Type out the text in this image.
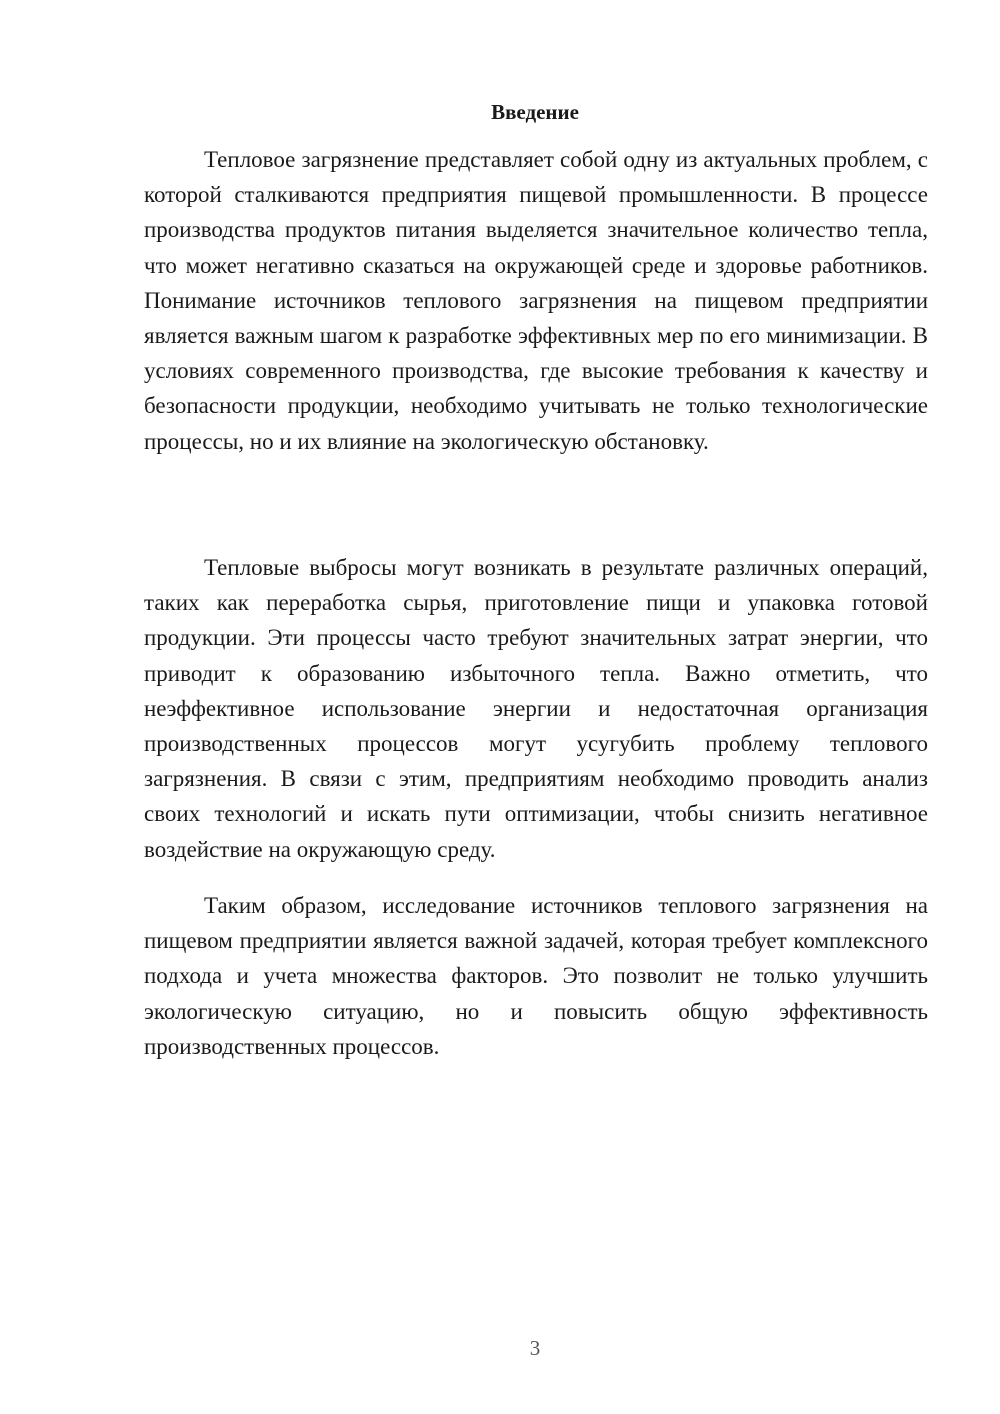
Введение

Тепловое загрязнение представляет собой одну из актуальных проблем, с которой сталкиваются предприятия пищевой промышленности. В процессе производства продуктов питания выделяется значительное количество тепла, что может негативно сказаться на окружающей среде и здоровье работников. Понимание источников теплового загрязнения на пищевом предприятии является важным шагом к разработке эффективных мер по его минимизации. В условиях современного производства, где высокие требования к качеству и безопасности продукции, необходимо учитывать не только технологические процессы, но и их влияние на экологическую обстановку.

Тепловые выбросы могут возникать в результате различных операций, таких как переработка сырья, приготовление пищи и упаковка готовой продукции. Эти процессы часто требуют значительных затрат энергии, что приводит к образованию избыточного тепла. Важно отметить, что неэффективное использование энергии и недостаточная организация производственных процессов могут усугубить проблему теплового загрязнения. В связи с этим, предприятиям необходимо проводить анализ своих технологий и искать пути оптимизации, чтобы снизить негативное воздействие на окружающую среду.

Таким образом, исследование источников теплового загрязнения на пищевом предприятии является важной задачей, которая требует комплексного подхода и учета множества факторов. Это позволит не только улучшить экологическую ситуацию, но и повысить общую эффективность производственных процессов.

3
